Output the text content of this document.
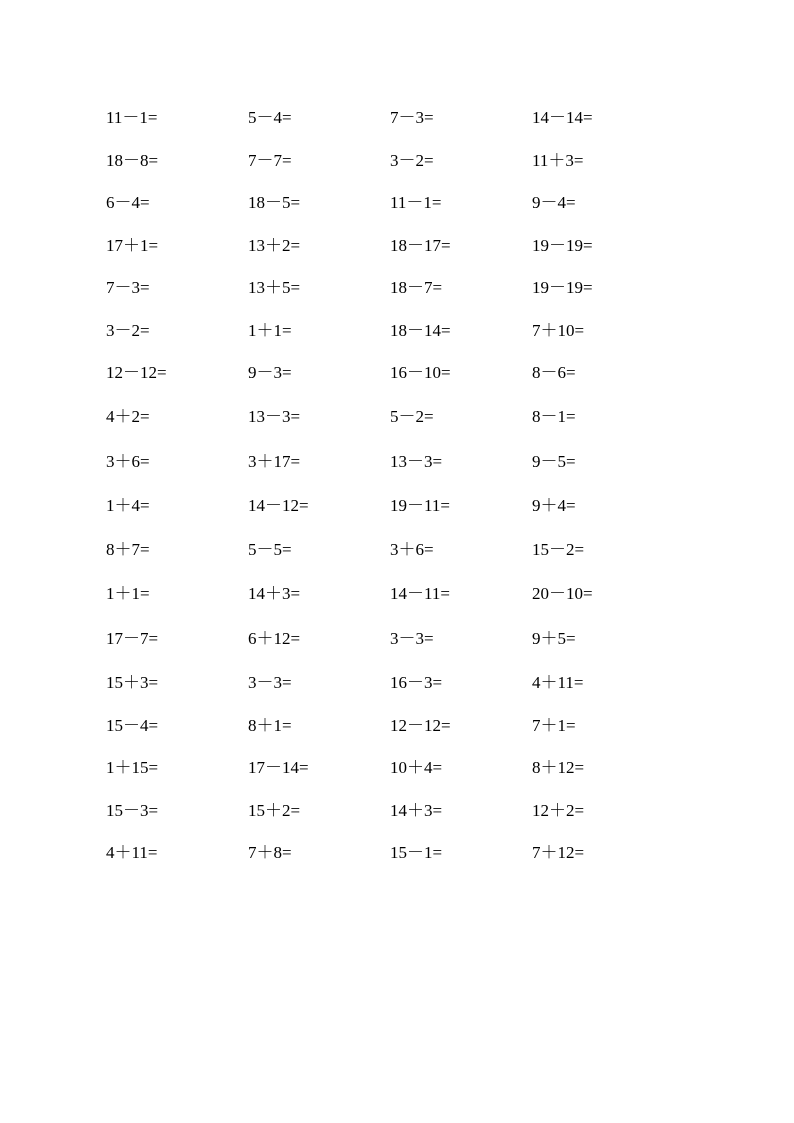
11－1=	5－4=	7－3=	14－14=
18－8=	7－7=	3－2=	11＋3=
6－4=	18－5=	11－1=	9－4=
17＋1=	13＋2=	18－17=	19－19=
7－3=	13＋5=	18－7=	19－19=
3－2=	1＋1=	18－14=	7＋10=
12－12=	9－3=	16－10=	8－6=
4＋2=	13－3=	5－2=	8－1=
3＋6=	3＋17=	13－3=	9－5=
1＋4=	14－12=	19－11=	9＋4=
8＋7=	5－5=	3＋6=	15－2=
1＋1=	14＋3=	14－11=	20－10=
17－7=	6＋12=	3－3=	9＋5=
15＋3=	3－3=	16－3=	4＋11=
15－4=	8＋1=	12－12=	7＋1=
1＋15=	17－14=	10＋4=	8＋12=
15－3=	15＋2=	14＋3=	12＋2=
4＋11=	7＋8=	15－1=	7＋12=
